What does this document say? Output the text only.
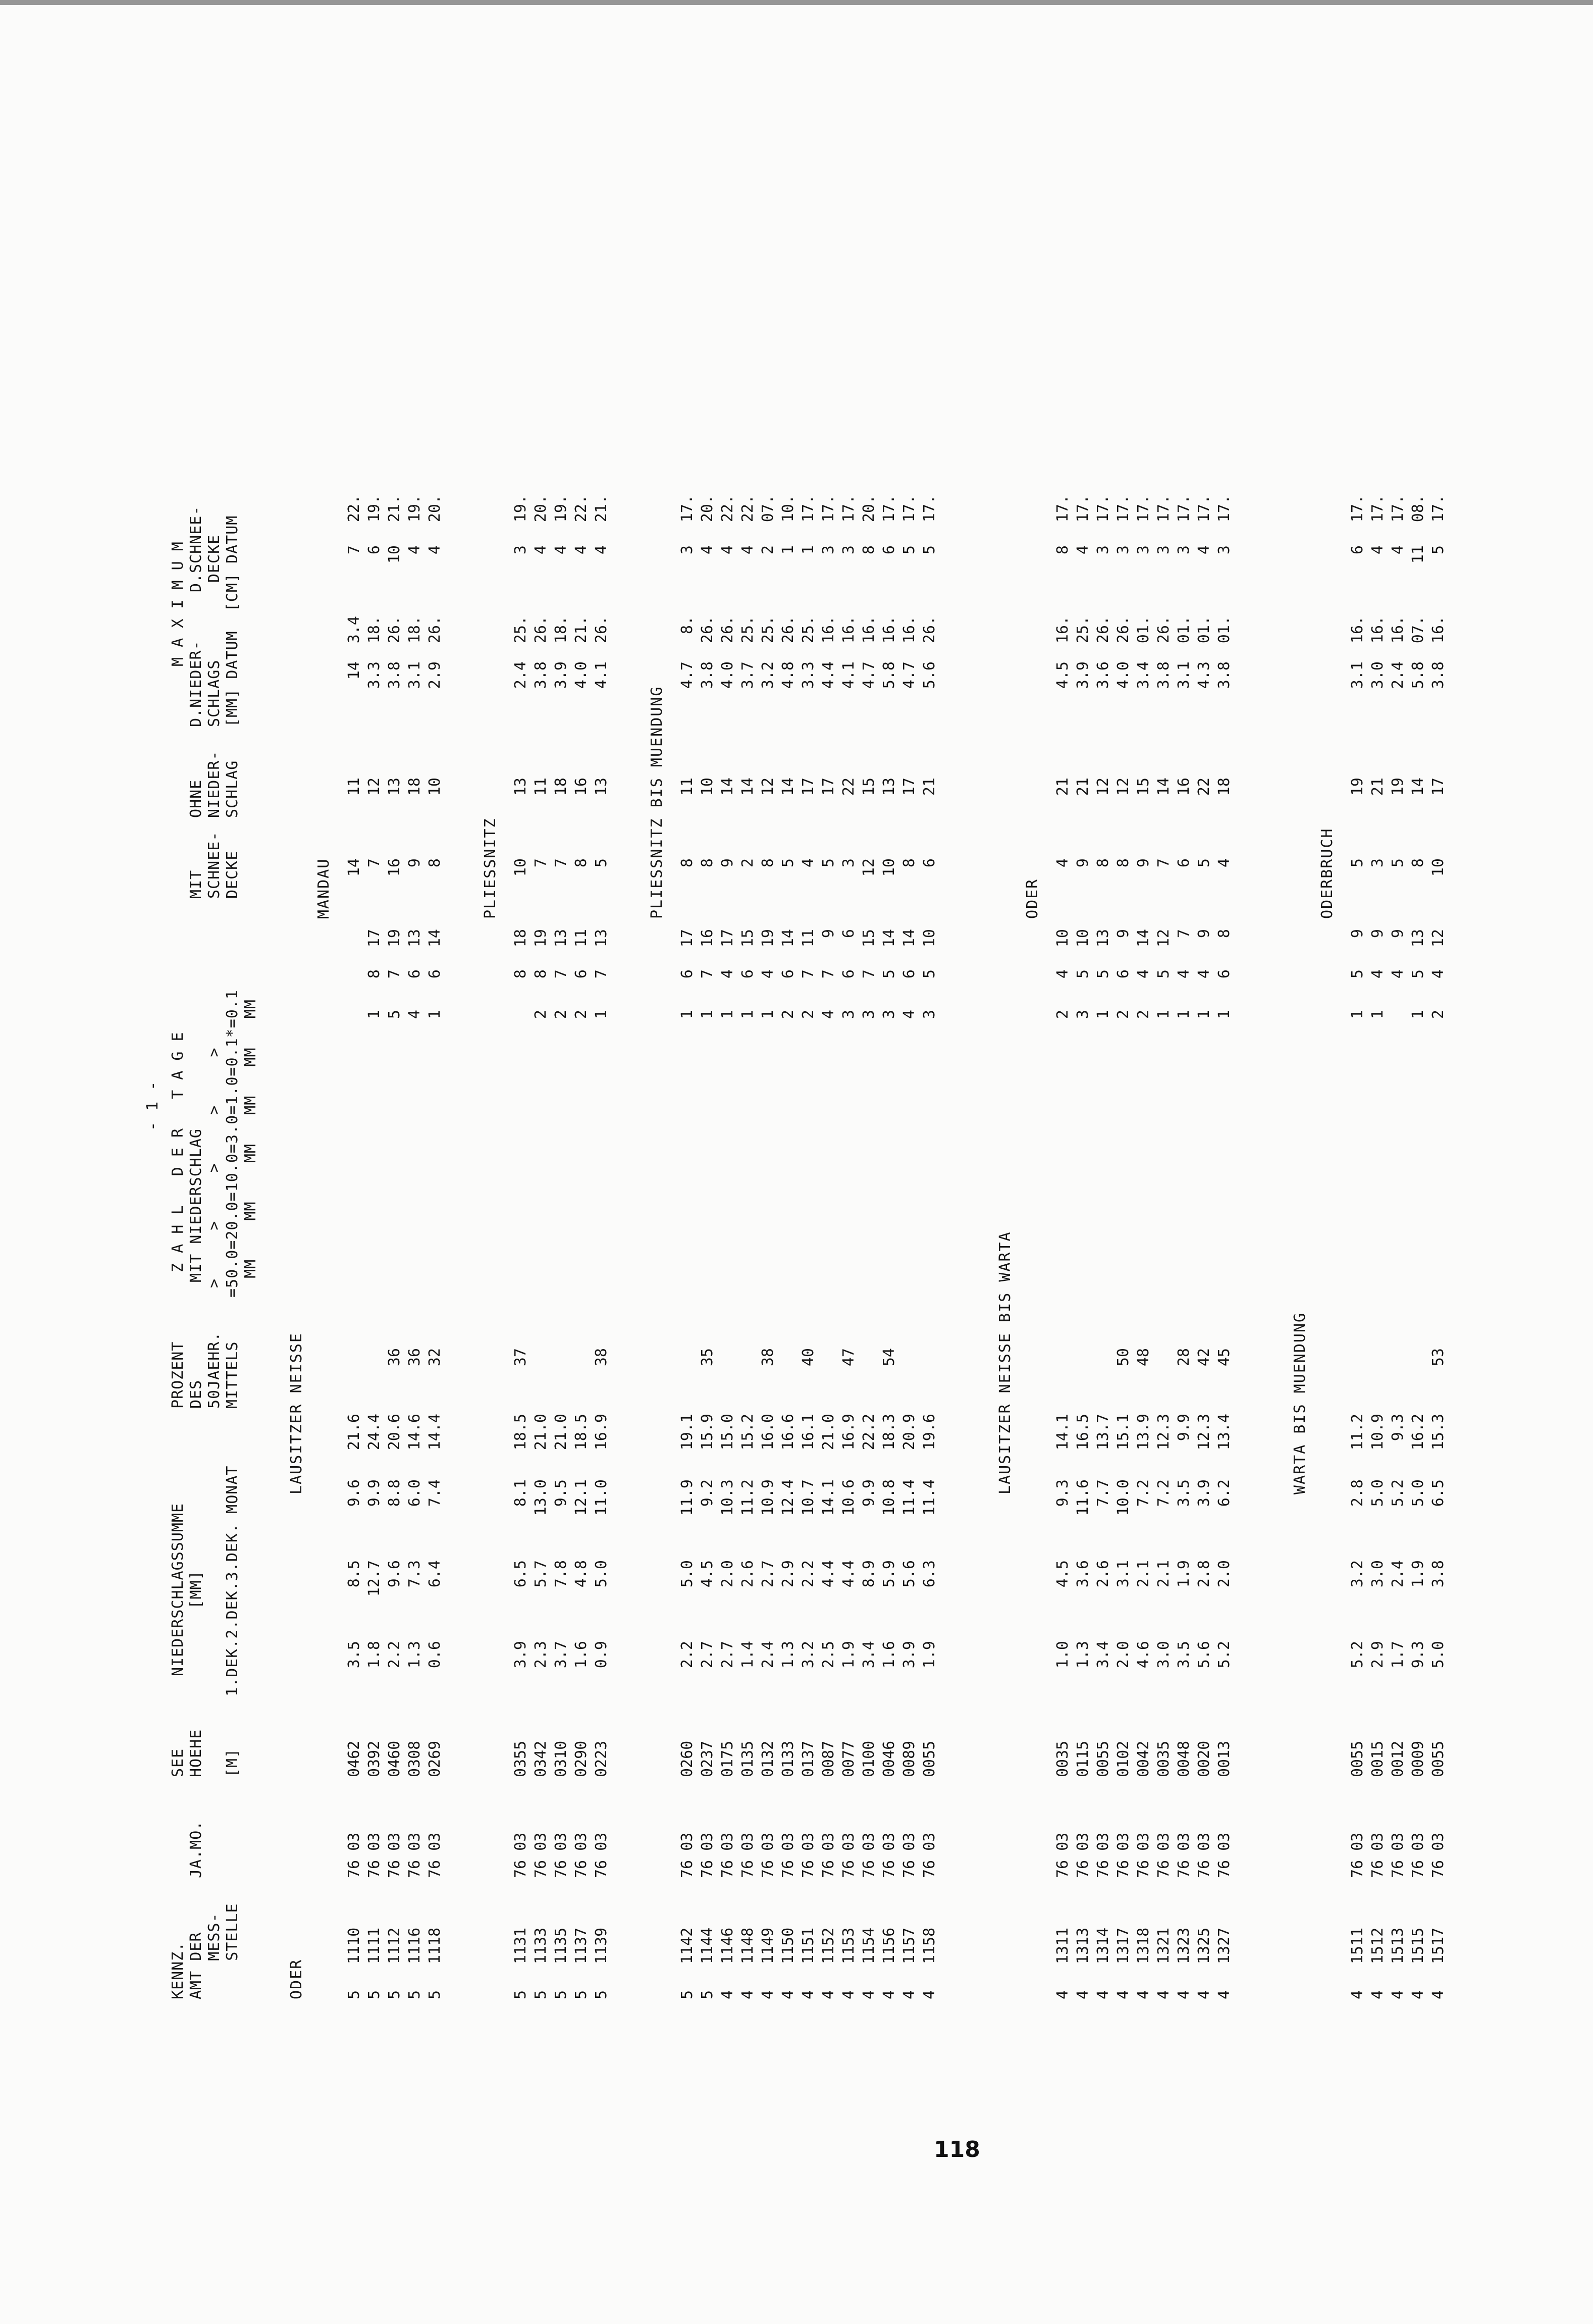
- 1 -
KENNZ.
AMT DER
MESS-
STELLE
JA.MO.
SEE
HOEHE

[M]
NIEDERSCHLAGSSUMME
[MM] 1.DEK.2.DEK.3.DEK. MONAT
PROZENT
DES
50JAEHR.
MITTELS
Z A H L   D E R   T A G E MIT NIEDERSCHLAG
>     >     >     >     >
=50.0=20.0=10.0=3.0=1.0=0.1*=0.1
MM    MM    MM   MM   MM   MM
MIT
SCHNEE-
DECKE
OHNE
NIEDER-
SCHLAG
M A X I M U M
D.NIEDER-     D.SCHNEE-
SCHLAGS        DECKE
[MM] DATUM  [CM] DATUM
ODER
LAUSITZER NEISSE
MANDAU
5
1110
76 03
0462
3.5
8.5
9.6
21.6
14
11
14
3.4
7
22.
5
1111
76 03
0392
1.8
12.7
9.9
24.4
1
8
17
7
12
3.3
18.
6
19.
5
1112
76 03
0460
2.2
9.6
8.8
20.6
36
5
7
19
16
13
3.8
26.
10
21.
5
1116
76 03
0308
1.3
7.3
6.0
14.6
36
4
6
13
9
18
3.1
18.
4
19.
5
1118
76 03
0269
0.6
6.4
7.4
14.4
32
1
6
14
8
10
2.9
26.
4
20.
PLIESSNITZ
5
1131
76 03
0355
3.9
6.5
8.1
18.5
37
8
18
10
13
2.4
25.
3
19.
5
1133
76 03
0342
2.3
5.7
13.0
21.0
2
8
19
7
11
3.8
26.
4
20.
5
1135
76 03
0310
3.7
7.8
9.5
21.0
2
7
13
7
18
3.9
18.
4
19.
5
1137
76 03
0290
1.6
4.8
12.1
18.5
2
6
11
8
16
4.0
21.
4
22.
5
1139
76 03
0223
0.9
5.0
11.0
16.9
38
1
7
13
5
13
4.1
26.
4
21.
PLIESSNITZ BIS MUENDUNG
5
1142
76 03
0260
2.2
5.0
11.9
19.1
1
6
17
8
11
4.7
8.
3
17.
5
1144
76 03
0237
2.7
4.5
9.2
15.9
35
1
7
16
8
10
3.8
26.
4
20.
4
1146
76 03
0175
2.7
2.0
10.3
15.0
1
4
17
9
14
4.0
26.
4
22.
4
1148
76 03
0135
1.4
2.6
11.2
15.2
1
6
15
2
14
3.7
25.
4
22.
4
1149
76 03
0132
2.4
2.7
10.9
16.0
38
1
4
19
8
12
3.2
25.
2
07.
4
1150
76 03
0133
1.3
2.9
12.4
16.6
2
6
14
5
14
4.8
26.
1
10.
4
1151
76 03
0137
3.2
2.2
10.7
16.1
40
2
7
11
4
17
3.3
25.
1
17.
4
1152
76 03
0087
2.5
4.4
14.1
21.0
4
7
9
5
17
4.4
16.
3
17.
4
1153
76 03
0077
1.9
4.4
10.6
16.9
47
3
6
6
3
22
4.1
16.
3
17.
4
1154
76 03
0100
3.4
8.9
9.9
22.2
3
7
15
12
15
4.7
16.
8
20.
4
1156
76 03
0046
1.6
5.9
10.8
18.3
54
3
5
14
10
13
5.8
16.
6
17.
4
1157
76 03
0089
3.9
5.6
11.4
20.9
4
6
14
8
17
4.7
16.
5
17.
4
1158
76 03
0055
1.9
6.3
11.4
19.6
3
5
10
6
21
5.6
26.
5
17.
LAUSITZER NEISSE BIS WARTA
ODER
4
1311
76 03
0035
1.0
4.5
9.3
14.1
2
4
10
4
21
4.5
16.
8
17.
4
1313
76 03
0115
1.3
3.6
11.6
16.5
3
5
10
9
21
3.9
25.
4
17.
4
1314
76 03
0055
3.4
2.6
7.7
13.7
1
5
13
8
12
3.6
26.
3
17.
4
1317
76 03
0102
2.0
3.1
10.0
15.1
50
2
6
9
8
12
4.0
26.
3
17.
4
1318
76 03
0042
4.6
2.1
7.2
13.9
48
2
4
14
9
15
3.4
01.
3
17.
4
1321
76 03
0035
3.0
2.1
7.2
12.3
1
5
12
7
14
3.8
26.
3
17.
4
1323
76 03
0048
3.5
1.9
3.5
9.9
28
1
4
7
6
16
3.1
01.
3
17.
4
1325
76 03
0020
5.6
2.8
3.9
12.3
42
1
4
9
5
22
4.3
01.
4
17.
4
1327
76 03
0013
5.2
2.0
6.2
13.4
45
1
6
8
4
18
3.8
01.
3
17.
WARTA BIS MUENDUNG
ODERBRUCH
4
1511
76 03
0055
5.2
3.2
2.8
11.2
1
5
9
5
19
3.1
16.
6
17.
4
1512
76 03
0015
2.9
3.0
5.0
10.9
1
4
9
3
21
3.0
16.
4
17.
4
1513
76 03
0012
1.7
2.4
5.2
9.3
4
9
5
19
2.4
16.
4
17.
4
1515
76 03
0009
9.3
1.9
5.0
16.2
1
5
13
8
14
5.8
07.
11
08.
4
1517
76 03
0055
5.0
3.8
6.5
15.3
53
2
4
12
10
17
3.8
16.
5
17.
118
